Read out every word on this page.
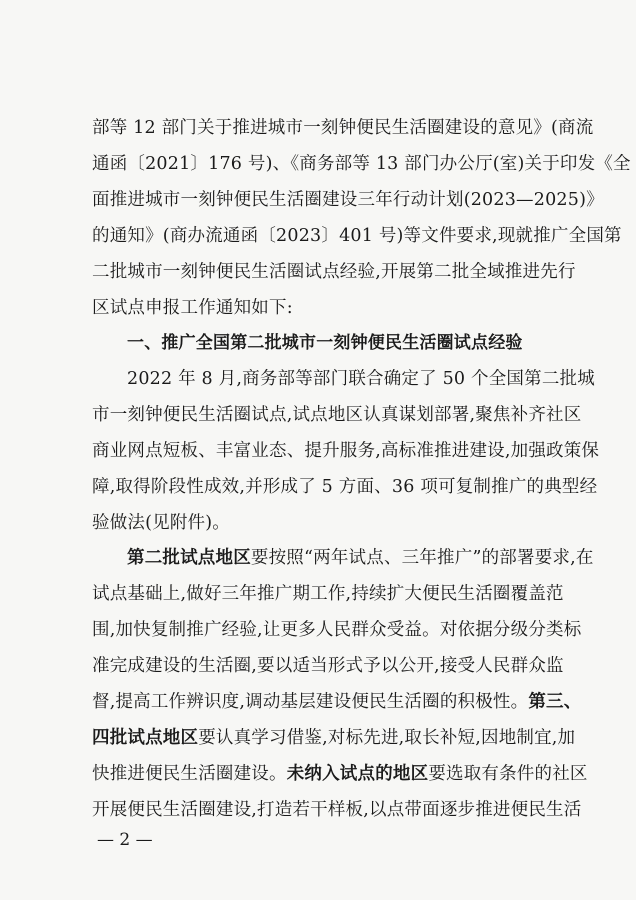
部等 12 部门关于推进城市一刻钟便民生活圈建设的意见》(商流
通函〔2021〕176 号)、《商务部等 13 部门办公厅(室)关于印发《全
面推进城市一刻钟便民生活圈建设三年行动计划(2023—2025)》
的通知》(商办流通函〔2023〕401 号)等文件要求,现就推广全国第
二批城市一刻钟便民生活圈试点经验,开展第二批全域推进先行
区试点申报工作通知如下:
一、推广全国第二批城市一刻钟便民生活圈试点经验
2022 年 8 月,商务部等部门联合确定了 50 个全国第二批城
市一刻钟便民生活圈试点,试点地区认真谋划部署,聚焦补齐社区
商业网点短板、丰富业态、提升服务,高标准推进建设,加强政策保
障,取得阶段性成效,并形成了 5 方面、36 项可复制推广的典型经
验做法(见附件)。
第二批试点地区要按照“两年试点、三年推广”的部署要求,在
试点基础上,做好三年推广期工作,持续扩大便民生活圈覆盖范
围,加快复制推广经验,让更多人民群众受益。对依据分级分类标
准完成建设的生活圈,要以适当形式予以公开,接受人民群众监
督,提高工作辨识度,调动基层建设便民生活圈的积极性。第三、
四批试点地区要认真学习借鉴,对标先进,取长补短,因地制宜,加
快推进便民生活圈建设。未纳入试点的地区要选取有条件的社区
开展便民生活圈建设,打造若干样板,以点带面逐步推进便民生活
— 2 —
